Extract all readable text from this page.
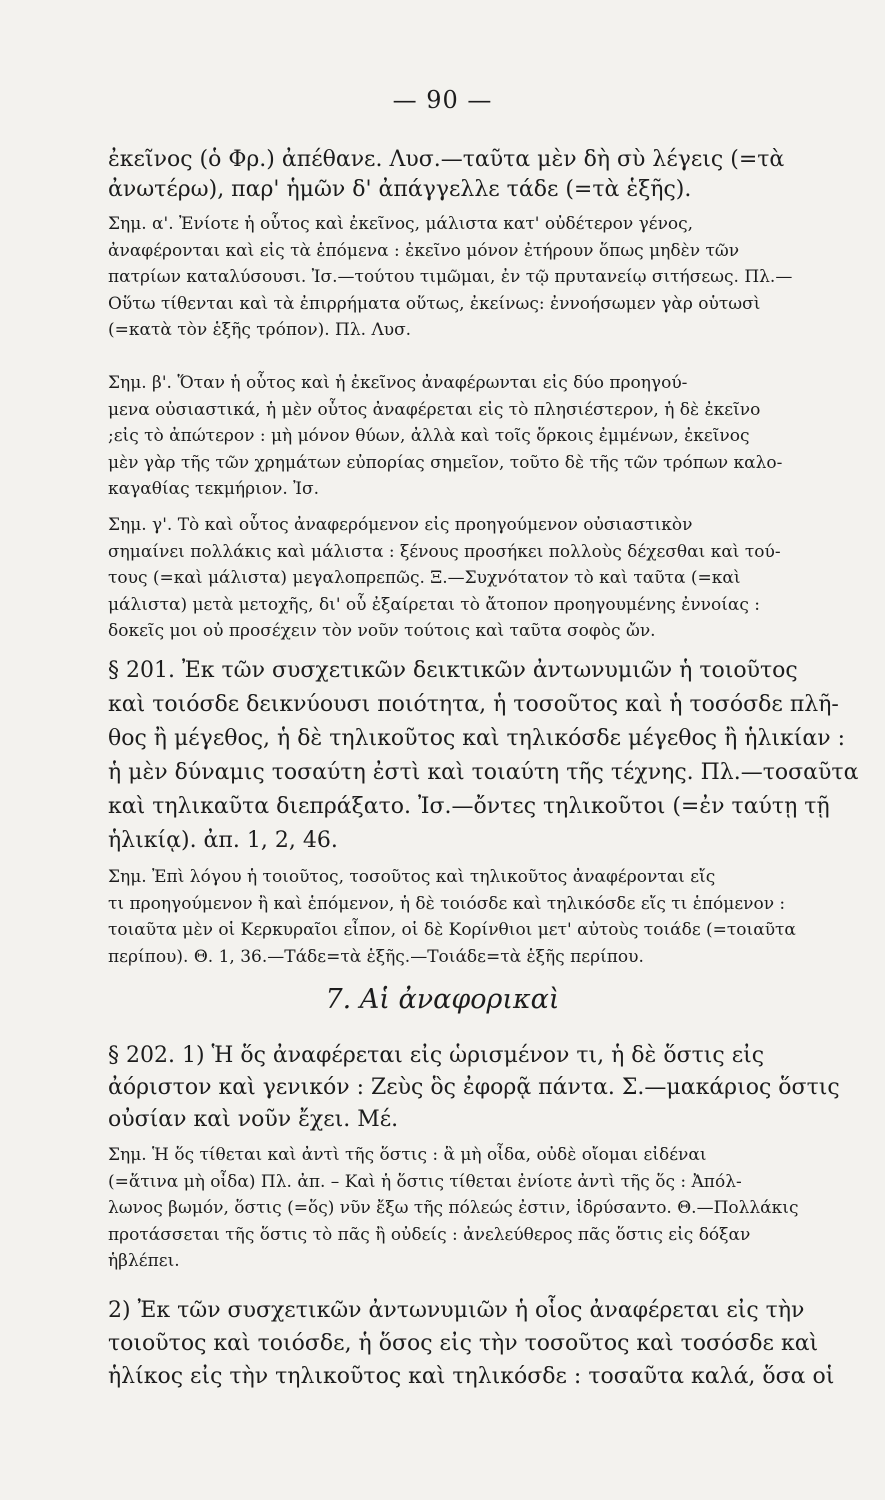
— 90 —
ἐκεῖνος (ὁ Φρ.) ἀπέθανε. Λυσ.—ταῦτα μὲν δὴ σὺ λέγεις (=τὰ
ἀνωτέρω), παρ' ἡμῶν δ' ἀπάγγελλε τάδε (=τὰ ἑξῆς).
Σημ. α'. Ἐνίοτε ἡ οὗτος καὶ ἐκεῖνος, μάλιστα κατ' οὐδέτερον γένος,
ἀναφέρονται καὶ εἰς τὰ ἑπόμενα : ἐκεῖνο μόνον ἐτήρουν ὅπως μηδὲν τῶν
πατρίων καταλύσουσι. Ἰσ.—τούτου τιμῶμαι, ἐν τῷ πρυτανείῳ σιτήσεως. Πλ.—
Οὕτω τίθενται καὶ τὰ ἐπιρρήματα οὕτως, ἐκείνως: ἐννοήσωμεν γὰρ οὑτωσὶ
(=κατὰ τὸν ἑξῆς τρόπον). Πλ. Λυσ.
Σημ. β'. Ὅταν ἡ οὗτος καὶ ἡ ἐκεῖνος ἀναφέρωνται εἰς δύο προηγού-
μενα οὐσιαστικά, ἡ μὲν οὗτος ἀναφέρεται εἰς τὸ πλησιέστερον, ἡ δὲ ἐκεῖνο
;εἰς τὸ ἀπώτερον : μὴ μόνον θύων, ἀλλὰ καὶ τοῖς ὅρκοις ἐμμένων, ἐκεῖνος
μὲν γὰρ τῆς τῶν χρημάτων εὐπορίας σημεῖον, τοῦτο δὲ τῆς τῶν τρόπων καλο-
καγαθίας τεκμήριον. Ἰσ.
Σημ. γ'. Τὸ καὶ οὗτος ἀναφερόμενον εἰς προηγούμενον οὐσιαστικὸν
σημαίνει πολλάκις καὶ μάλιστα : ξένους προσήκει πολλοὺς δέχεσθαι καὶ τού-
τους (=καὶ μάλιστα) μεγαλοπρεπῶς. Ξ.—Συχνότατον τὸ καὶ ταῦτα (=καὶ
μάλιστα) μετὰ μετοχῆς, δι' οὗ ἐξαίρεται τὸ ἄτοπον προηγουμένης ἐννοίας :
δοκεῖς μοι οὐ προσέχειν τὸν νοῦν τούτοις καὶ ταῦτα σοφὸς ὤν.
§ 201. Ἐκ τῶν συσχετικῶν δεικτικῶν ἀντωνυμιῶν ἡ τοιοῦτος
καὶ τοιόσδε δεικνύουσι ποιότητα, ἡ τοσοῦτος καὶ ἡ τοσόσδε πλῆ-
θος ἢ μέγεθος, ἡ δὲ τηλικοῦτος καὶ τηλικόσδε μέγεθος ἢ ἡλικίαν :
ἡ μὲν δύναμις τοσαύτη ἐστὶ καὶ τοιαύτη τῆς τέχνης. Πλ.—τοσαῦτα
καὶ τηλικαῦτα διεπράξατο. Ἰσ.—ὄντες τηλικοῦτοι (=ἐν ταύτῃ τῇ
ἡλικίᾳ). ἀπ. 1, 2, 46.
Σημ. Ἐπὶ λόγου ἡ τοιοῦτος, τοσοῦτος καὶ τηλικοῦτος ἀναφέρονται εἴς
τι προηγούμενον ἢ καὶ ἑπόμενον, ἡ δὲ τοιόσδε καὶ τηλικόσδε εἴς τι ἑπόμενον :
τοιαῦτα μὲν οἱ Κερκυραῖοι εἶπον, οἱ δὲ Κορίνθιοι μετ' αὐτοὺς τοιάδε (=τοιαῦτα
περίπου). Θ. 1, 36.—Τάδε=τὰ ἑξῆς.—Τοιάδε=τὰ ἑξῆς περίπου.
7. Αἱ ἀναφορικαὶ
§ 202. 1) Ἡ ὅς ἀναφέρεται εἰς ὡρισμένον τι, ἡ δὲ ὅστις εἰς
ἀόριστον καὶ γενικόν : Ζεὺς ὃς ἐφορᾷ πάντα. Σ.—μακάριος ὅστις
οὐσίαν καὶ νοῦν ἔχει. Μέ.
Σημ. Ἡ ὅς τίθεται καὶ ἀντὶ τῆς ὅστις : ἃ μὴ οἶδα, οὐδὲ οἴομαι εἰδέναι
(=ἅτινα μὴ οἶδα) Πλ. ἀπ. – Καὶ ἡ ὅστις τίθεται ἐνίοτε ἀντὶ τῆς ὅς : Ἀπόλ-
λωνος βωμόν, ὅστις (=ὅς) νῦν ἔξω τῆς πόλεώς ἐστιν, ἱδρύσαντο. Θ.—Πολλάκις
προτάσσεται τῆς ὅστις τὸ πᾶς ἢ οὐδείς : ἀνελεύθερος πᾶς ὅστις εἰς δόξαν
ἡβλέπει.
2) Ἐκ τῶν συσχετικῶν ἀντωνυμιῶν ἡ οἷος ἀναφέρεται εἰς τὴν
τοιοῦτος καὶ τοιόσδε, ἡ ὅσος εἰς τὴν τοσοῦτος καὶ τοσόσδε καὶ
ἡλίκος εἰς τὴν τηλικοῦτος καὶ τηλικόσδε : τοσαῦτα καλά, ὅσα οἱ
